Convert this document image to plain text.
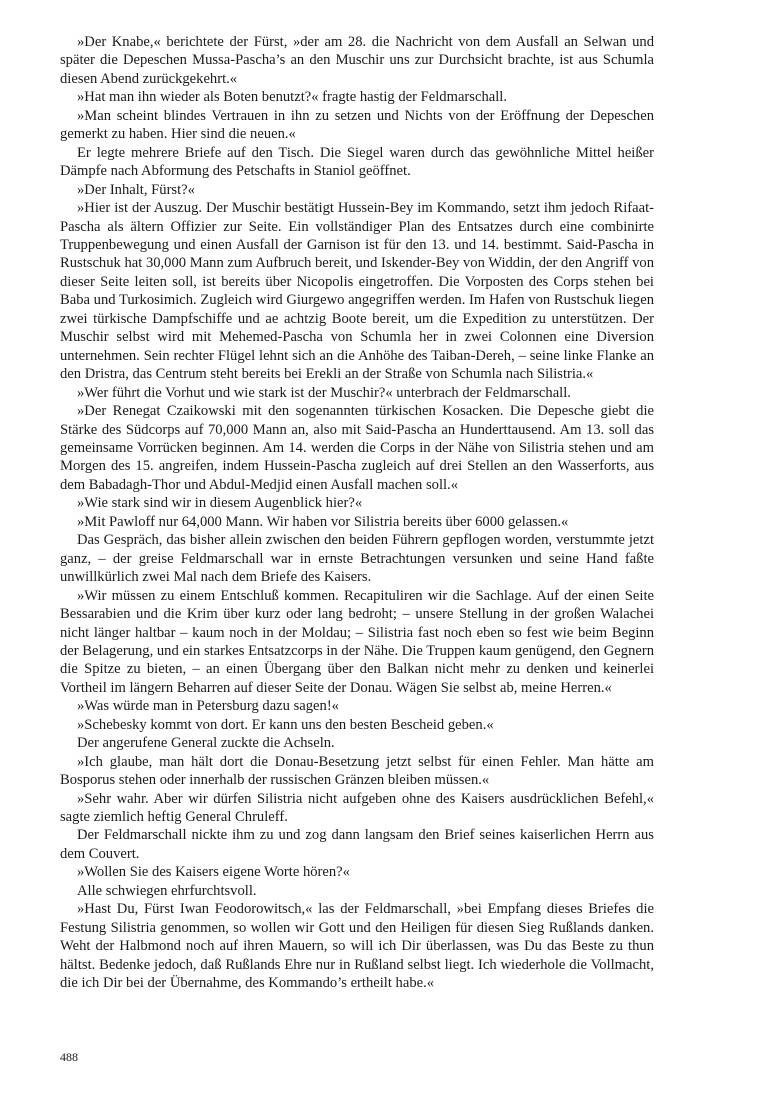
»Der Knabe,« berichtete der Fürst, »der am 28. die Nachricht von dem Ausfall an Selwan und später die Depeschen Mussa-Pascha’s an den Muschir uns zur Durchsicht brachte, ist aus Schumla diesen Abend zurückgekehrt.«

»Hat man ihn wieder als Boten benutzt?« fragte hastig der Feldmarschall.

»Man scheint blindes Vertrauen in ihn zu setzen und Nichts von der Eröffnung der Depeschen gemerkt zu haben. Hier sind die neuen.«

Er legte mehrere Briefe auf den Tisch. Die Siegel waren durch das gewöhnliche Mittel heißer Dämpfe nach Abformung des Petschafts in Staniol geöffnet.

»Der Inhalt, Fürst?«

»Hier ist der Auszug. Der Muschir bestätigt Hussein-Bey im Kommando, setzt ihm jedoch Rifaat-Pascha als ältern Offizier zur Seite. Ein vollständiger Plan des Entsatzes durch eine combinirte Truppenbewegung und einen Ausfall der Garnison ist für den 13. und 14. bestimmt. Said-Pascha in Rustschuk hat 30,000 Mann zum Aufbruch bereit, und Iskender-Bey von Widdin, der den Angriff von dieser Seite leiten soll, ist bereits über Nicopolis eingetroffen. Die Vorposten des Corps stehen bei Baba und Turkosimich. Zugleich wird Giurgewo angegriffen werden. Im Hafen von Rustschuk liegen zwei türkische Dampfschiffe und ae achtzig Boote bereit, um die Expedition zu unterstützen. Der Muschir selbst wird mit Mehemed-Pascha von Schumla her in zwei Colonnen eine Diversion unternehmen. Sein rechter Flügel lehnt sich an die Anhöhe des Taiban-Dereh, – seine linke Flanke an den Dristra, das Centrum steht bereits bei Erekli an der Straße von Schumla nach Silistria.«

»Wer führt die Vorhut und wie stark ist der Muschir?« unterbrach der Feldmarschall.

»Der Renegat Czaikowski mit den sogenannten türkischen Kosacken. Die Depesche giebt die Stärke des Südcorps auf 70,000 Mann an, also mit Said-Pascha an Hunderttausend. Am 13. soll das gemeinsame Vorrücken beginnen. Am 14. werden die Corps in der Nähe von Silistria stehen und am Morgen des 15. angreifen, indem Hussein-Pascha zugleich auf drei Stellen an den Wasserforts, aus dem Babadagh-Thor und Abdul-Medjid einen Ausfall machen soll.«

»Wie stark sind wir in diesem Augenblick hier?«

»Mit Pawloff nur 64,000 Mann. Wir haben vor Silistria bereits über 6000 gelassen.«

Das Gespräch, das bisher allein zwischen den beiden Führern gepflogen worden, verstummte jetzt ganz, – der greise Feldmarschall war in ernste Betrachtungen versunken und seine Hand faßte unwillkürlich zwei Mal nach dem Briefe des Kaisers.

»Wir müssen zu einem Entschluß kommen. Recapituliren wir die Sachlage. Auf der einen Seite Bessarabien und die Krim über kurz oder lang bedroht; – unsere Stellung in der großen Walachei nicht länger haltbar – kaum noch in der Moldau; – Silistria fast noch eben so fest wie beim Beginn der Belagerung, und ein starkes Entsatzcorps in der Nähe. Die Truppen kaum genügend, den Gegnern die Spitze zu bieten, – an einen Übergang über den Balkan nicht mehr zu denken und keinerlei Vortheil im längern Beharren auf dieser Seite der Donau. Wägen Sie selbst ab, meine Herren.«

»Was würde man in Petersburg dazu sagen!«

»Schebesky kommt von dort. Er kann uns den besten Bescheid geben.«

Der angerufene General zuckte die Achseln.

»Ich glaube, man hält dort die Donau-Besetzung jetzt selbst für einen Fehler. Man hätte am Bosporus stehen oder innerhalb der russischen Gränzen bleiben müssen.«

»Sehr wahr. Aber wir dürfen Silistria nicht aufgeben ohne des Kaisers ausdrücklichen Befehl,« sagte ziemlich heftig General Chruleff.

Der Feldmarschall nickte ihm zu und zog dann langsam den Brief seines kaiserlichen Herrn aus dem Couvert.

»Wollen Sie des Kaisers eigene Worte hören?«

Alle schwiegen ehrfurchtsvoll.

»Hast Du, Fürst Iwan Feodorowitsch,« las der Feldmarschall, »bei Empfang dieses Briefes die Festung Silistria genommen, so wollen wir Gott und den Heiligen für diesen Sieg Rußlands danken. Weht der Halbmond noch auf ihren Mauern, so will ich Dir überlassen, was Du das Beste zu thun hältst. Bedenke jedoch, daß Rußlands Ehre nur in Rußland selbst liegt. Ich wiederhole die Vollmacht, die ich Dir bei der Übernahme, des Kommando’s ertheilt habe.«

488
